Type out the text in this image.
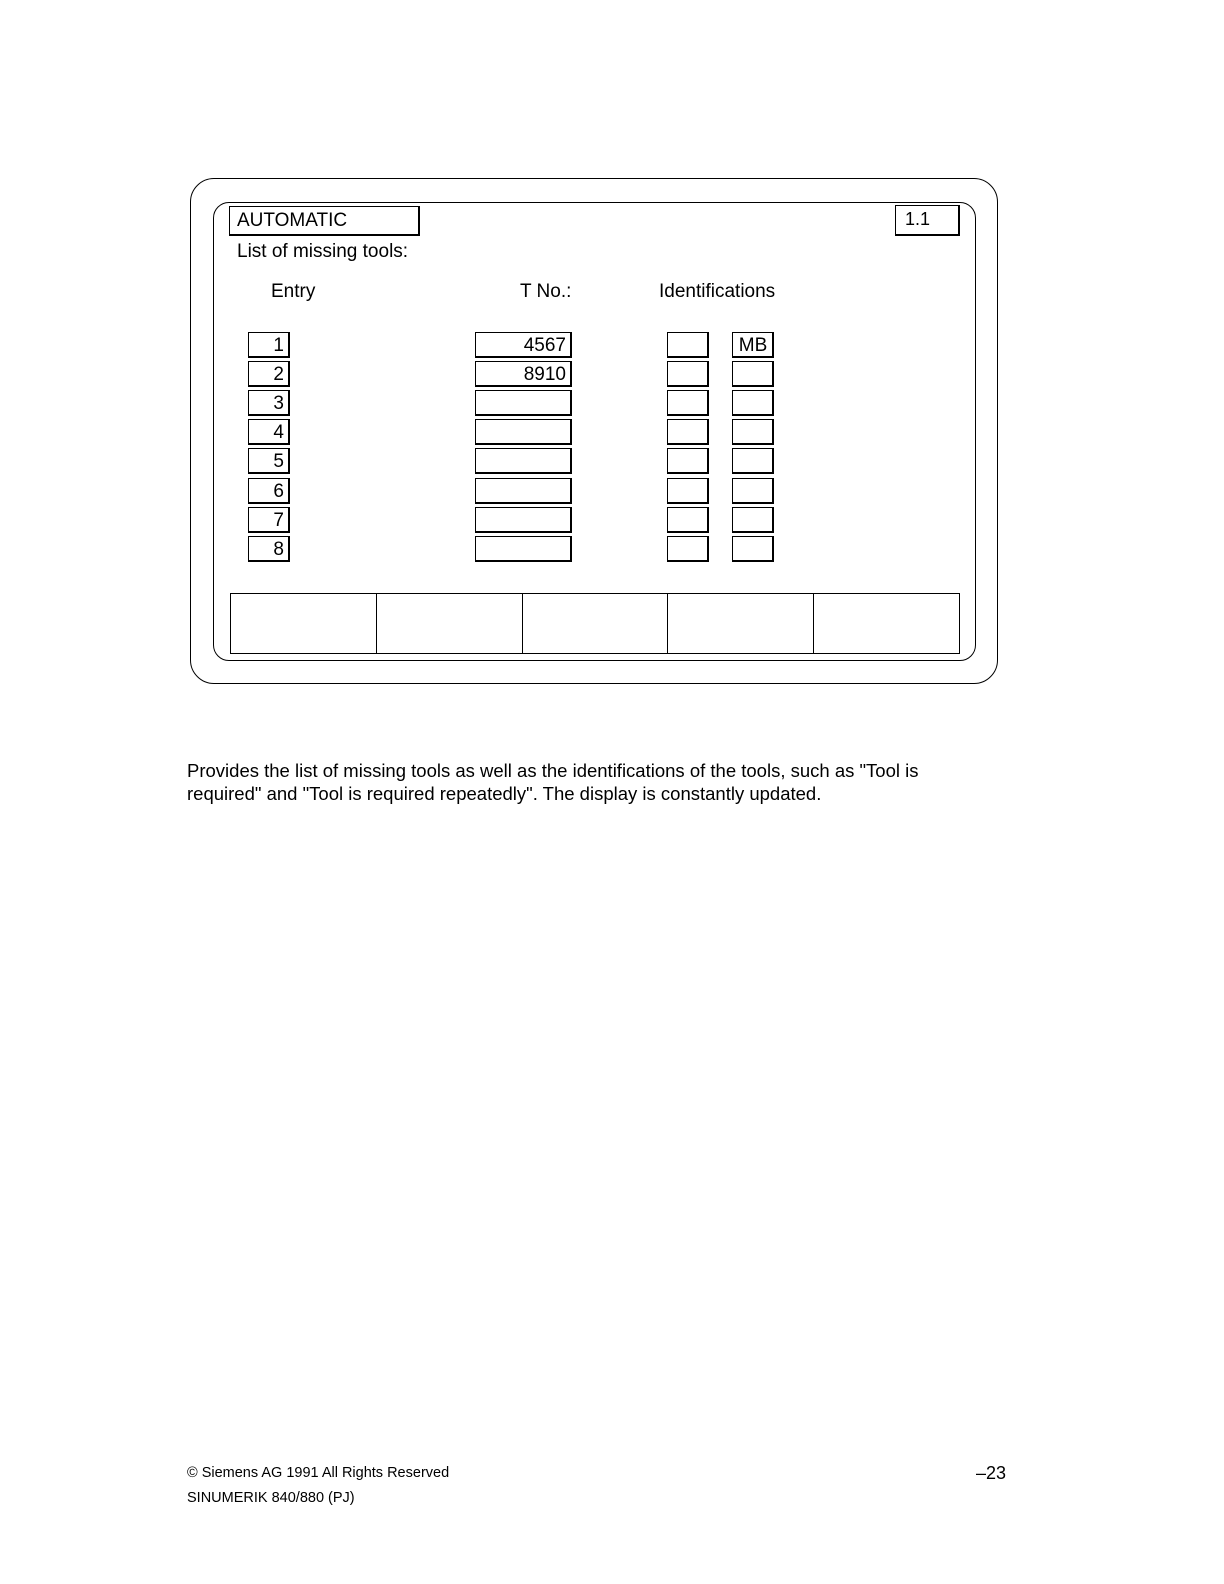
AUTOMATIC	1.1
List of missing tools:
Entry	T No.:	Identifications
1	4567	MB
2	8910
3
4
5
6
7
8
Provides the list of missing tools as well as the identifications of the tools, such as "Tool is required" and "Tool is required repeatedly". The display is constantly updated.
© Siemens AG 1991 All Rights Reserved
SINUMERIK 840/880 (PJ)
–23
